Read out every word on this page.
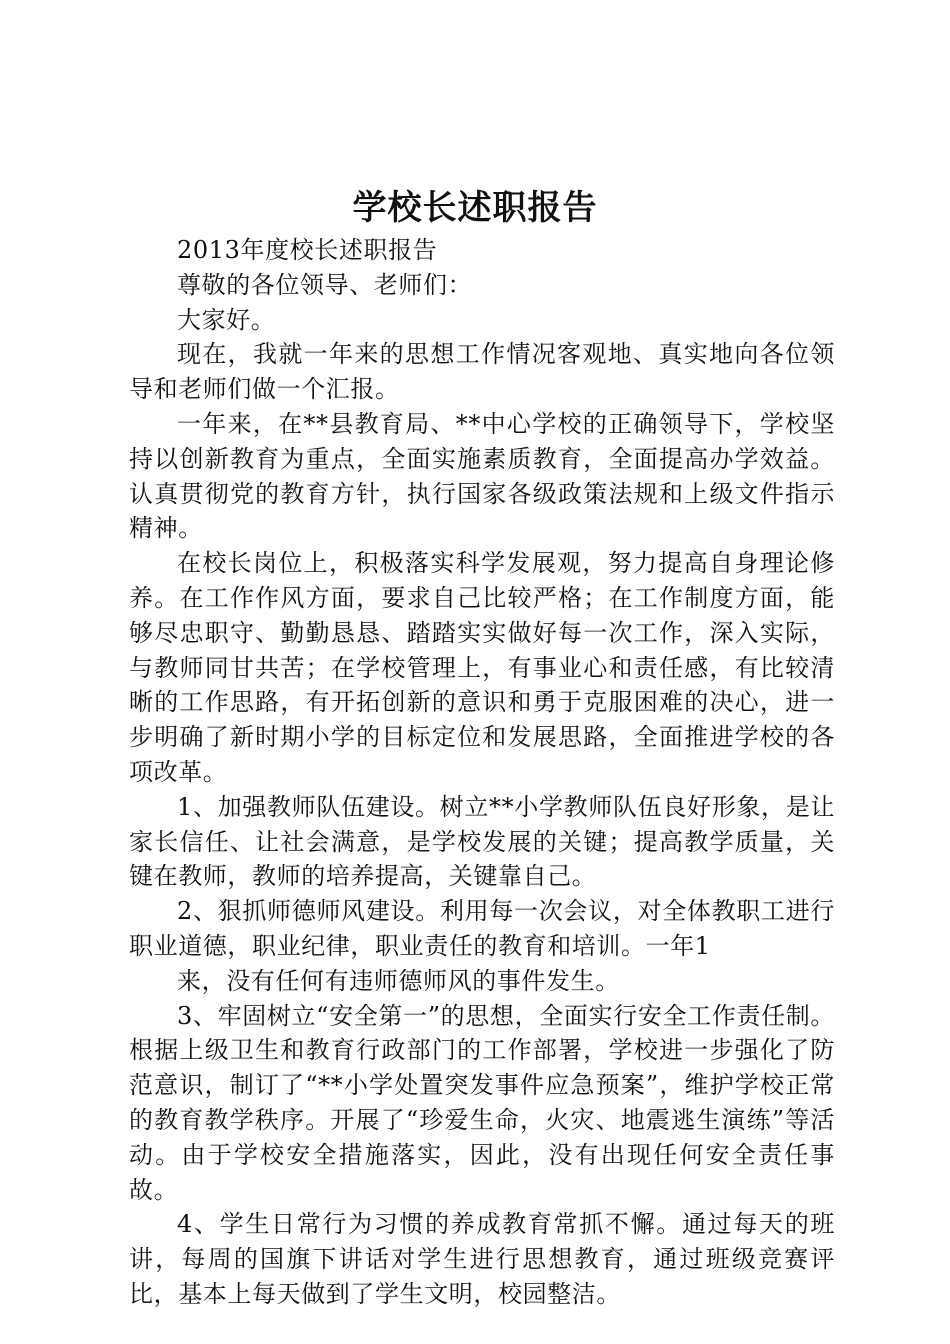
学校长述职报告

2013年度校长述职报告

尊敬的各位领导、老师们：

大家好。

现在，我就一年来的思想工作情况客观地、真实地向各位领导和老师们做一个汇报。

一年来，在**县教育局、**中心学校的正确领导下，学校坚持以创新教育为重点，全面实施素质教育，全面提高办学效益。认真贯彻党的教育方针，执行国家各级政策法规和上级文件指示精神。

在校长岗位上，积极落实科学发展观，努力提高自身理论修养。在工作作风方面，要求自己比较严格；在工作制度方面，能够尽忠职守、勤勤恳恳、踏踏实实做好每一次工作，深入实际，与教师同甘共苦；在学校管理上，有事业心和责任感，有比较清晰的工作思路，有开拓创新的意识和勇于克服困难的决心，进一步明确了新时期小学的目标定位和发展思路，全面推进学校的各项改革。

1、加强教师队伍建设。树立**小学教师队伍良好形象，是让家长信任、让社会满意，是学校发展的关键；提高教学质量，关键在教师，教师的培养提高，关键靠自己。

2、狠抓师德师风建设。利用每一次会议，对全体教职工进行职业道德，职业纪律，职业责任的教育和培训。一年1

来，没有任何有违师德师风的事件发生。

3、牢固树立“安全第一”的思想，全面实行安全工作责任制。根据上级卫生和教育行政部门的工作部署，学校进一步强化了防范意识，制订了“**小学处置突发事件应急预案”，维护学校正常的教育教学秩序。开展了“珍爱生命，火灾、地震逃生演练”等活动。由于学校安全措施落实，因此，没有出现任何安全责任事故。

4、学生日常行为习惯的养成教育常抓不懈。通过每天的班讲，每周的国旗下讲话对学生进行思想教育，通过班级竞赛评比，基本上每天做到了学生文明，校园整洁。
